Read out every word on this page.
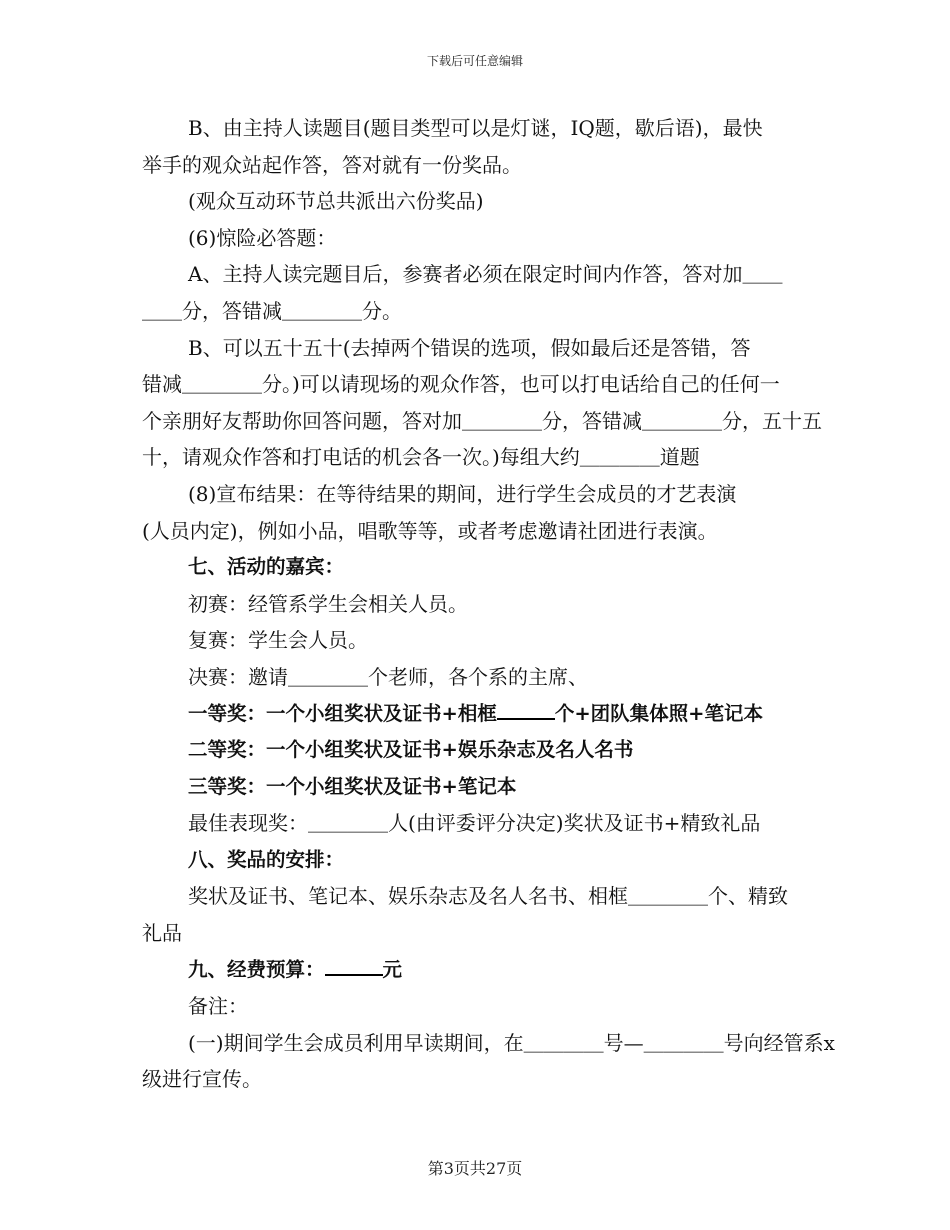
下载后可任意编辑
B、由主持人读题目(题目类型可以是灯谜，IQ题，歇后语)，最快
举手的观众站起作答，答对就有一份奖品。
(观众互动环节总共派出六份奖品)
(6)惊险必答题：
A、主持人读完题目后，参赛者必须在限定时间内作答，答对加＿＿
＿＿分，答错减＿＿＿＿分。
B、可以五十五十(去掉两个错误的选项，假如最后还是答错，答
错减＿＿＿＿分。)可以请现场的观众作答，也可以打电话给自己的任何一
个亲朋好友帮助你回答问题，答对加＿＿＿＿分，答错减＿＿＿＿分，五十五
十，请观众作答和打电话的机会各一次。)每组大约＿＿＿＿道题
(8)宣布结果：在等待结果的期间，进行学生会成员的才艺表演
(人员内定)，例如小品，唱歌等等，或者考虑邀请社团进行表演。
七、活动的嘉宾：
初赛：经管系学生会相关人员。
复赛：学生会人员。
决赛：邀请＿＿＿＿个老师，各个系的主席、
一等奖：一个小组奖状及证书+相框	个+团队集体照+笔记本
二等奖：一个小组奖状及证书+娱乐杂志及名人名书
三等奖：一个小组奖状及证书+笔记本
最佳表现奖：＿＿＿＿人(由评委评分决定)奖状及证书+精致礼品
八、奖品的安排：
奖状及证书、笔记本、娱乐杂志及名人名书、相框＿＿＿＿个、精致
礼品
九、经费预算：	元
备注：
(一)期间学生会成员利用早读期间，在＿＿＿＿号—＿＿＿＿号向经管系x
级进行宣传。
第3页共27页
